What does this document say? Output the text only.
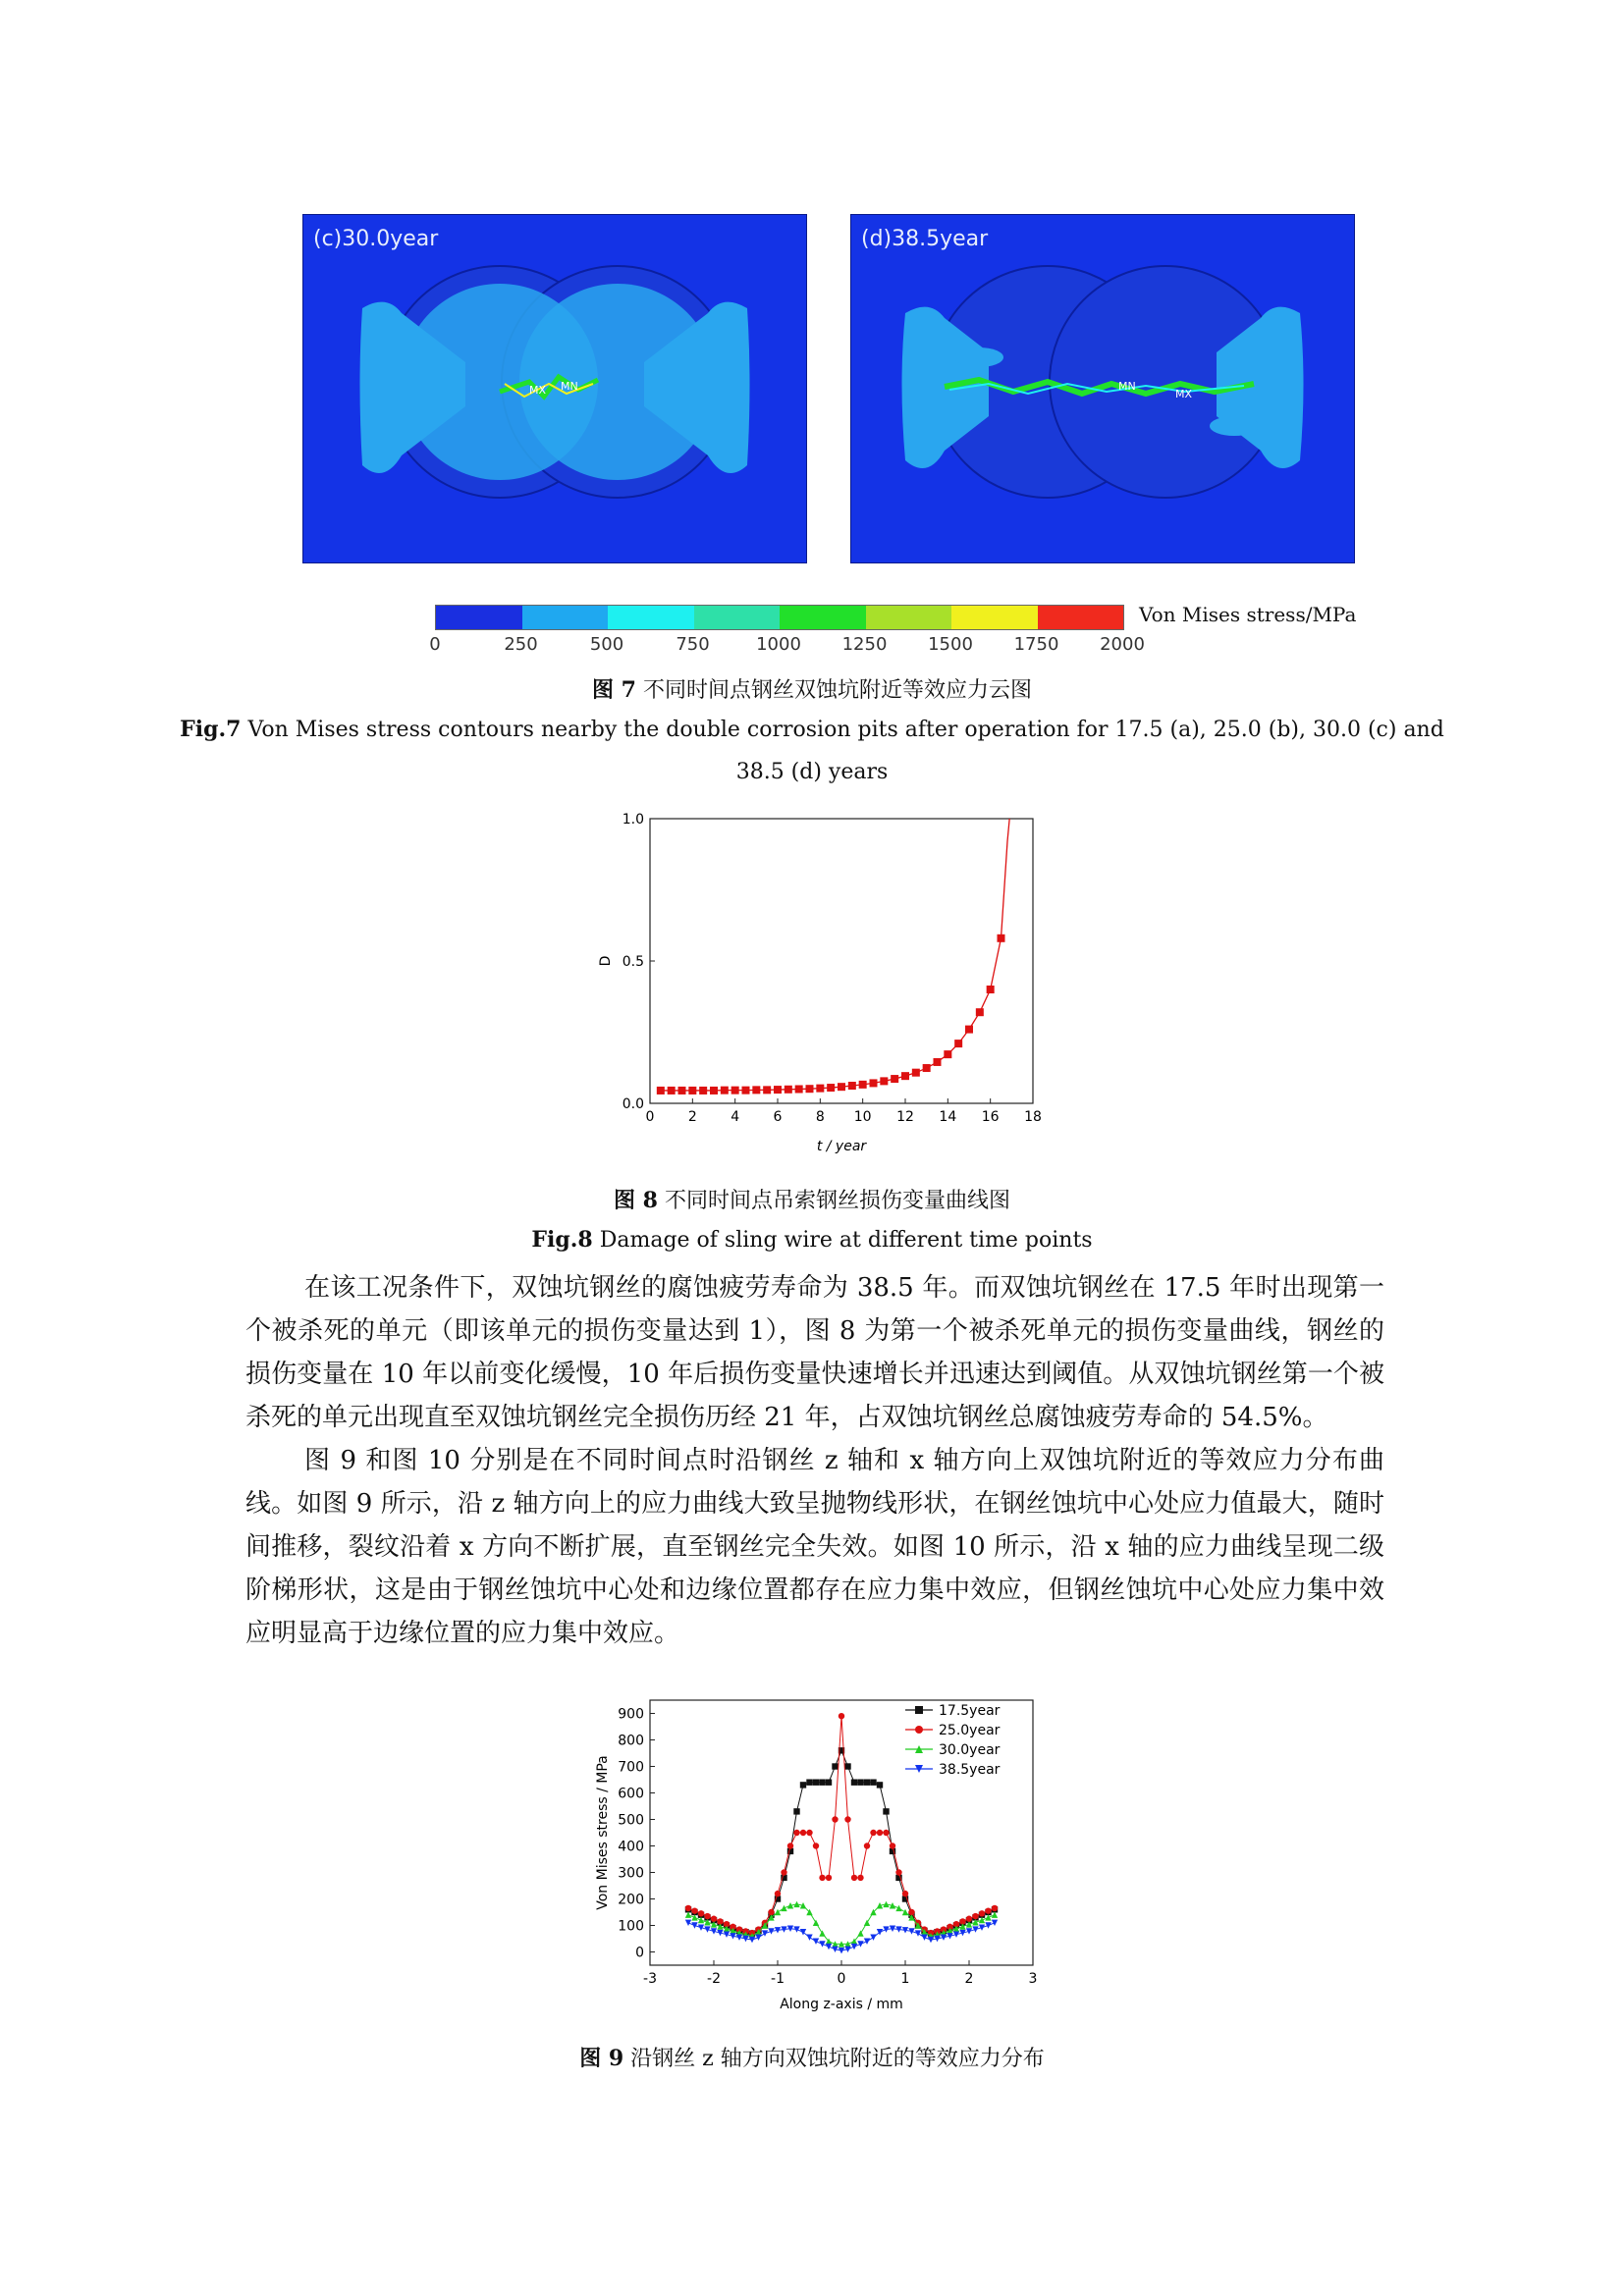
MX MN
(c)30.0year
MN
MX
(d)38.5year
Von Mises stress/MPa
0	250	500	750	1000 1250 1500 1750 2000
图 7 不同时间点钢丝双蚀坑附近等效应力云图
Fig.7 Von Mises stress contours nearby the double corrosion pits after operation for 17.5 (a), 25.0 (b), 30.0 (c) and
38.5 (d) years
0 2 4 6 8 10 12 14 16 18
0.0
0.5
1.0
t / year
D
图 8 不同时间点吊索钢丝损伤变量曲线图
Fig.8 Damage of sling wire at different time points

在该工况条件下，双蚀坑钢丝的腐蚀疲劳寿命为 38.5 年。而双蚀坑钢丝在 17.5 年时出现第一个被杀死的单元（即该单元的损伤变量达到 1），图 8 为第一个被杀死单元的损伤变量曲线，钢丝的损伤变量在 10 年以前变化缓慢，10 年后损伤变量快速增长并迅速达到阈值。从双蚀坑钢丝第一个被杀死的单元出现直至双蚀坑钢丝完全损伤历经 21 年，占双蚀坑钢丝总腐蚀疲劳寿命的 54.5%。

图 9 和图 10 分别是在不同时间点时沿钢丝 z 轴和 x 轴方向上双蚀坑附近的等效应力分布曲线。如图 9 所示，沿 z 轴方向上的应力曲线大致呈抛物线形状，在钢丝蚀坑中心处应力值最大，随时间推移，裂纹沿着 x 方向不断扩展，直至钢丝完全失效。如图 10 所示，沿 x 轴的应力曲线呈现二级阶梯形状，这是由于钢丝蚀坑中心处和边缘位置都存在应力集中效应，但钢丝蚀坑中心处应力集中效应明显高于边缘位置的应力集中效应。

-3	-2	-1	0	1	2	3
0
100
200
300
400
500
600
700
800
900
Along z-axis / mm
Von Mises stress / MPa
17.5year
25.0year
30.0year
38.5year
图 9 沿钢丝 z 轴方向双蚀坑附近的等效应力分布
